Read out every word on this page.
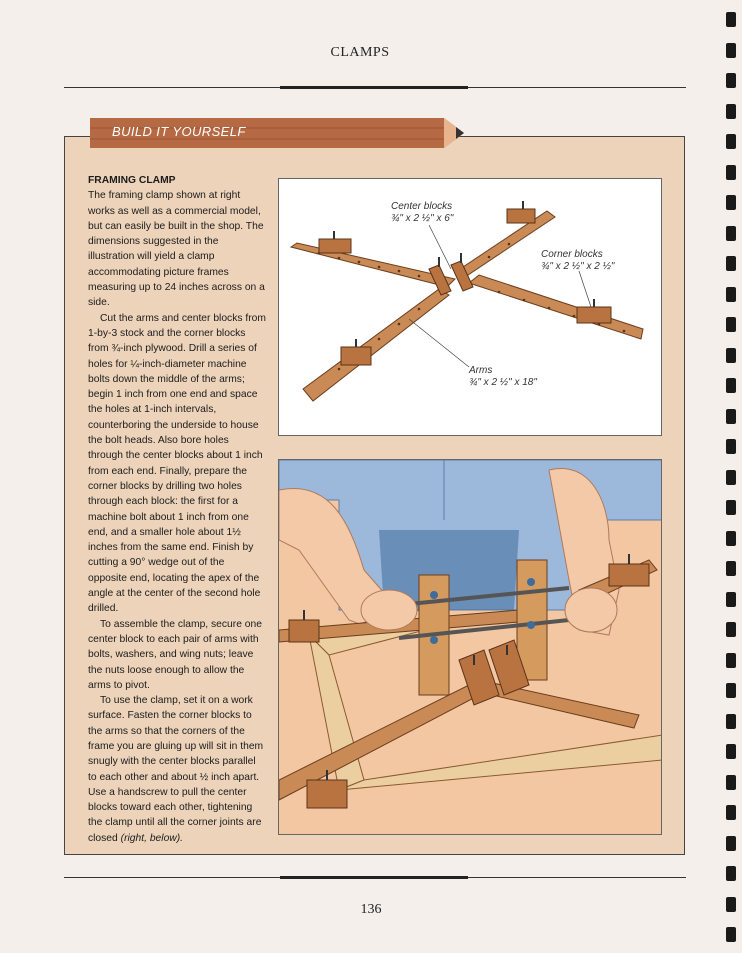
CLAMPS
BUILD IT YOURSELF
FRAMING CLAMP

The framing clamp shown at right works as well as a commercial model, but can easily be built in the shop. The dimensions suggested in the illustration will yield a clamp accommodating picture frames measuring up to 24 inches across on a side.

Cut the arms and center blocks from 1-by-3 stock and the corner blocks from ¾-inch plywood. Drill a series of holes for ¼-inch-diameter machine bolts down the middle of the arms; begin 1 inch from one end and space the holes at 1-inch intervals, counterboring the underside to house the bolt heads. Also bore holes through the center blocks about 1 inch from each end. Finally, prepare the corner blocks by drilling two holes through each block: the first for a machine bolt about 1 inch from one end, and a smaller hole about 1½ inches from the same end. Finish by cutting a 90° wedge out of the opposite end, locating the apex of the angle at the center of the second hole drilled.

To assemble the clamp, secure one center block to each pair of arms with bolts, washers, and wing nuts; leave the nuts loose enough to allow the arms to pivot.

To use the clamp, set it on a work surface. Fasten the corner blocks to the arms so that the corners of the frame you are gluing up will sit in them snugly with the center blocks parallel to each other and about ½ inch apart. Use a handscrew to pull the center blocks toward each other, tightening the clamp until all the corner joints are closed (right, below).

Center blocks
¾" x 2 ½" x 6"
Corner blocks
¾" x 2 ½" x 2 ½"
Arms
¾" x 2 ½" x 18"
136
